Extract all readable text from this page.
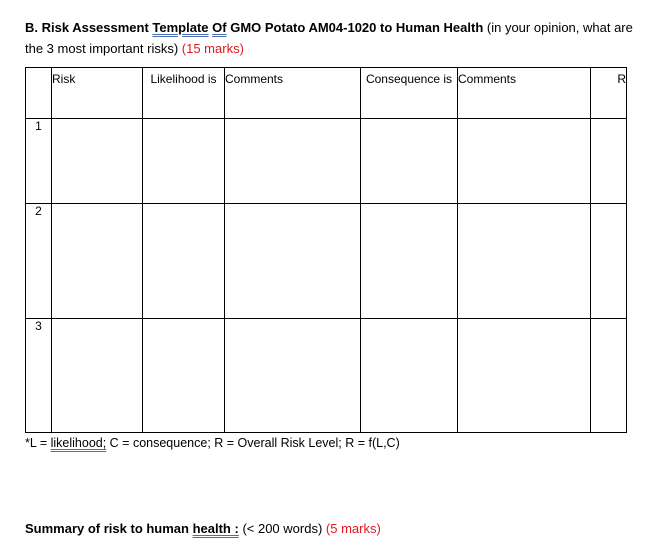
B. Risk Assessment Template Of GMO Potato AM04-1020 to Human Health (in your opinion, what are the 3 most important risks) (15 marks)
	Risk	Likelihood is	Comments	Consequence is	Comments	R
1						
2						
3						
*L = likelihood; C = consequence; R = Overall Risk Level; R = f(L,C)
Summary of risk to human health : (< 200 words) (5 marks)
